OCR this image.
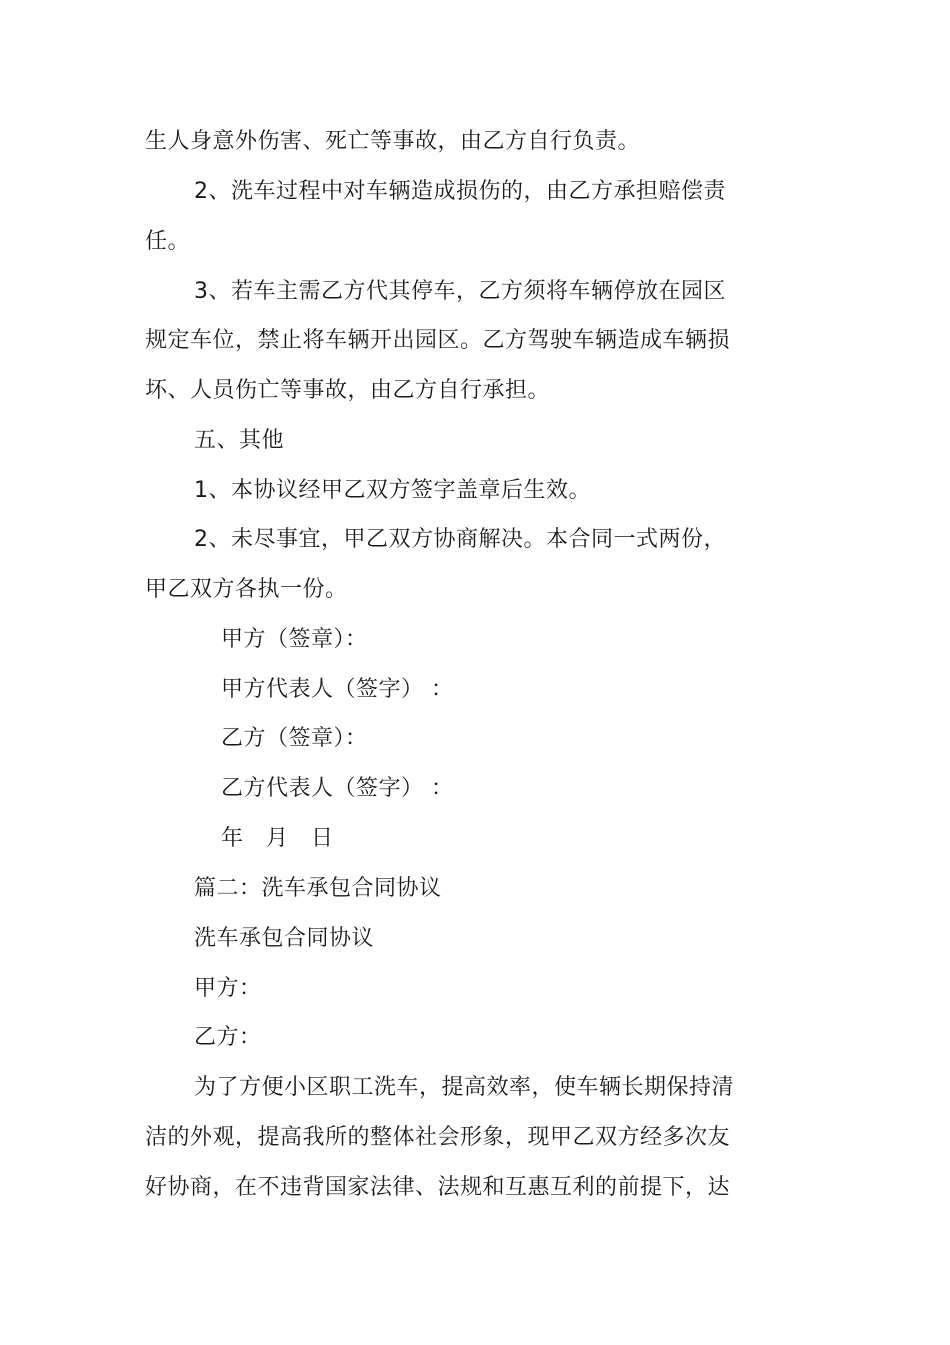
生人身意外伤害、死亡等事故，由乙方自行负责。
2、洗车过程中对车辆造成损伤的，由乙方承担赔偿责
任。
3、若车主需乙方代其停车，乙方须将车辆停放在园区
规定车位，禁止将车辆开出园区。乙方驾驶车辆造成车辆损
坏、人员伤亡等事故，由乙方自行承担。
五、其他
1、本协议经甲乙双方签字盖章后生效。
2、未尽事宜，甲乙双方协商解决。本合同一式两份，
甲乙双方各执一份。
甲方（签章）：
甲方代表人（签字） ：
乙方（签章）：
乙方代表人（签字） ：
年   月   日
篇二：洗车承包合同协议
洗车承包合同协议
甲方：
乙方：
为了方便小区职工洗车，提高效率，使车辆长期保持清
洁的外观，提高我所的整体社会形象，现甲乙双方经多次友
好协商，在不违背国家法律、法规和互惠互利的前提下，达
